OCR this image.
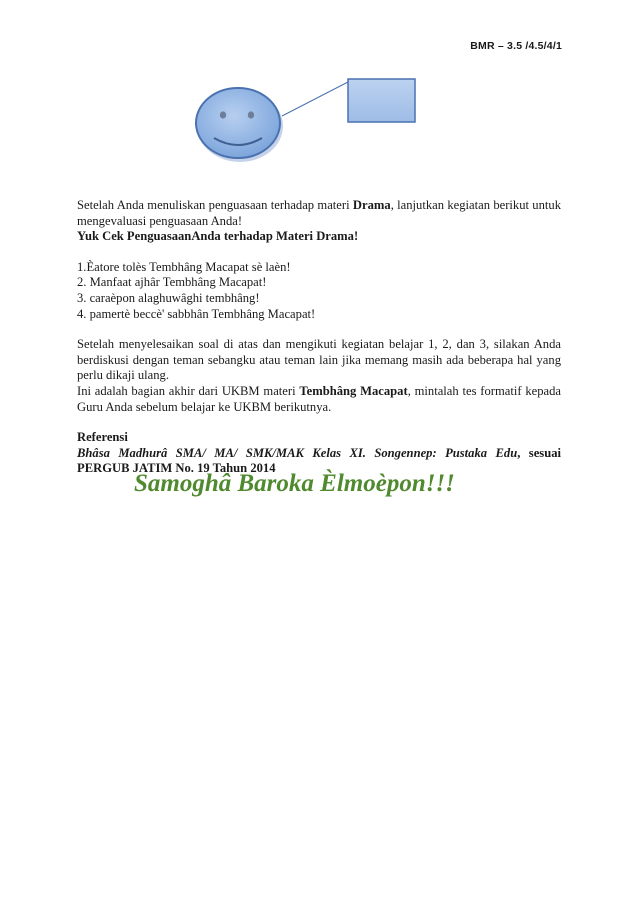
BMR – 3.5 /4.5/4/1

Setelah Anda menuliskan penguasaan terhadap materi Drama, lanjutkan kegiatan berikut untuk mengevaluasi penguasaan Anda!

Yuk Cek PenguasaanAnda terhadap Materi Drama!

1.Èatore tolès Tembhâng Macapat sè laèn!

2. Manfaat ajhâr Tembhâng Macapat!

3. caraèpon alaghuwâghi tembhâng!

4. pamertè beccè' sabbhân Tembhâng Macapat!

Setelah menyelesaikan soal di atas dan mengikuti kegiatan belajar 1, 2, dan 3, silakan Anda berdiskusi dengan teman sebangku atau teman lain jika memang masih ada beberapa hal yang perlu dikaji ulang.

Ini adalah bagian akhir dari UKBM materi Tembhâng Macapat, mintalah tes formatif kepada Guru Anda sebelum belajar ke UKBM berikutnya.

Referensi

Bhâsa Madhurâ SMA/ MA/ SMK/MAK Kelas XI. Songennep: Pustaka Edu, sesuai PERGUB JATIM No. 19 Tahun 2014

Samoghâ Baroka Èlmoèpon!!!
